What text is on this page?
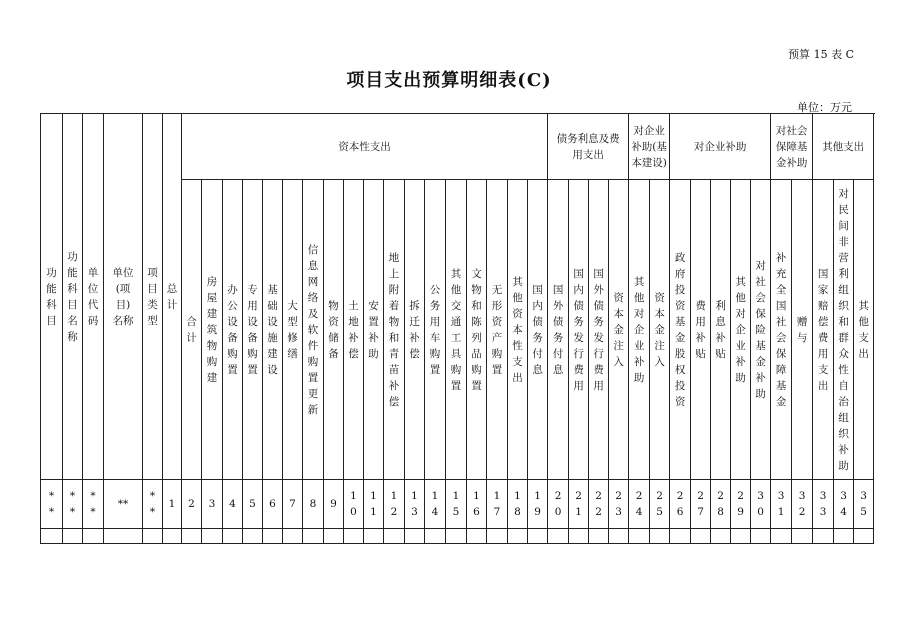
预算 15 表 C
项目支出预算明细表(C)
单位：万元
功能科目	功能科目名称	单位代码	单位(项目)名称	项目类型	总计	资本性支出																		债务利息及费用支出				对企业补助(基本建设)		对企业补助					对社会保障基金补助		其他支出		

						合计	房屋建筑物购建	办公设备购置	专用设备购置	基础设施建设	大型修缮	信息网络及软件购置更新	物资储备	土地补偿	安置补助	地上附着物和青苗补偿	拆迁补偿	公务用车购置	其他交通工具购置	文物和陈列品购置	无形资产购置	其他资本性支出	国内债务付息	国外债务付息	国内债务发行费用	国外债务发行费用	资本金注入	其他对企业补助	资本金注入	政府投资基金股权投资	费用补贴	利息补贴	其他对企业补助	对社会保险基金补助	补充全国社会保障基金	赠与	国家赔偿费用支出	对民间非营利组织和群众性自治组织补助	其他支出

**	**	**	**	**	1	2	3	4	5	6	7	8	9	10	11	12	13	14	15	16	17	18	19	20	21	22	23	24	25	26	27	28	29	30	31	32	33	34	35
